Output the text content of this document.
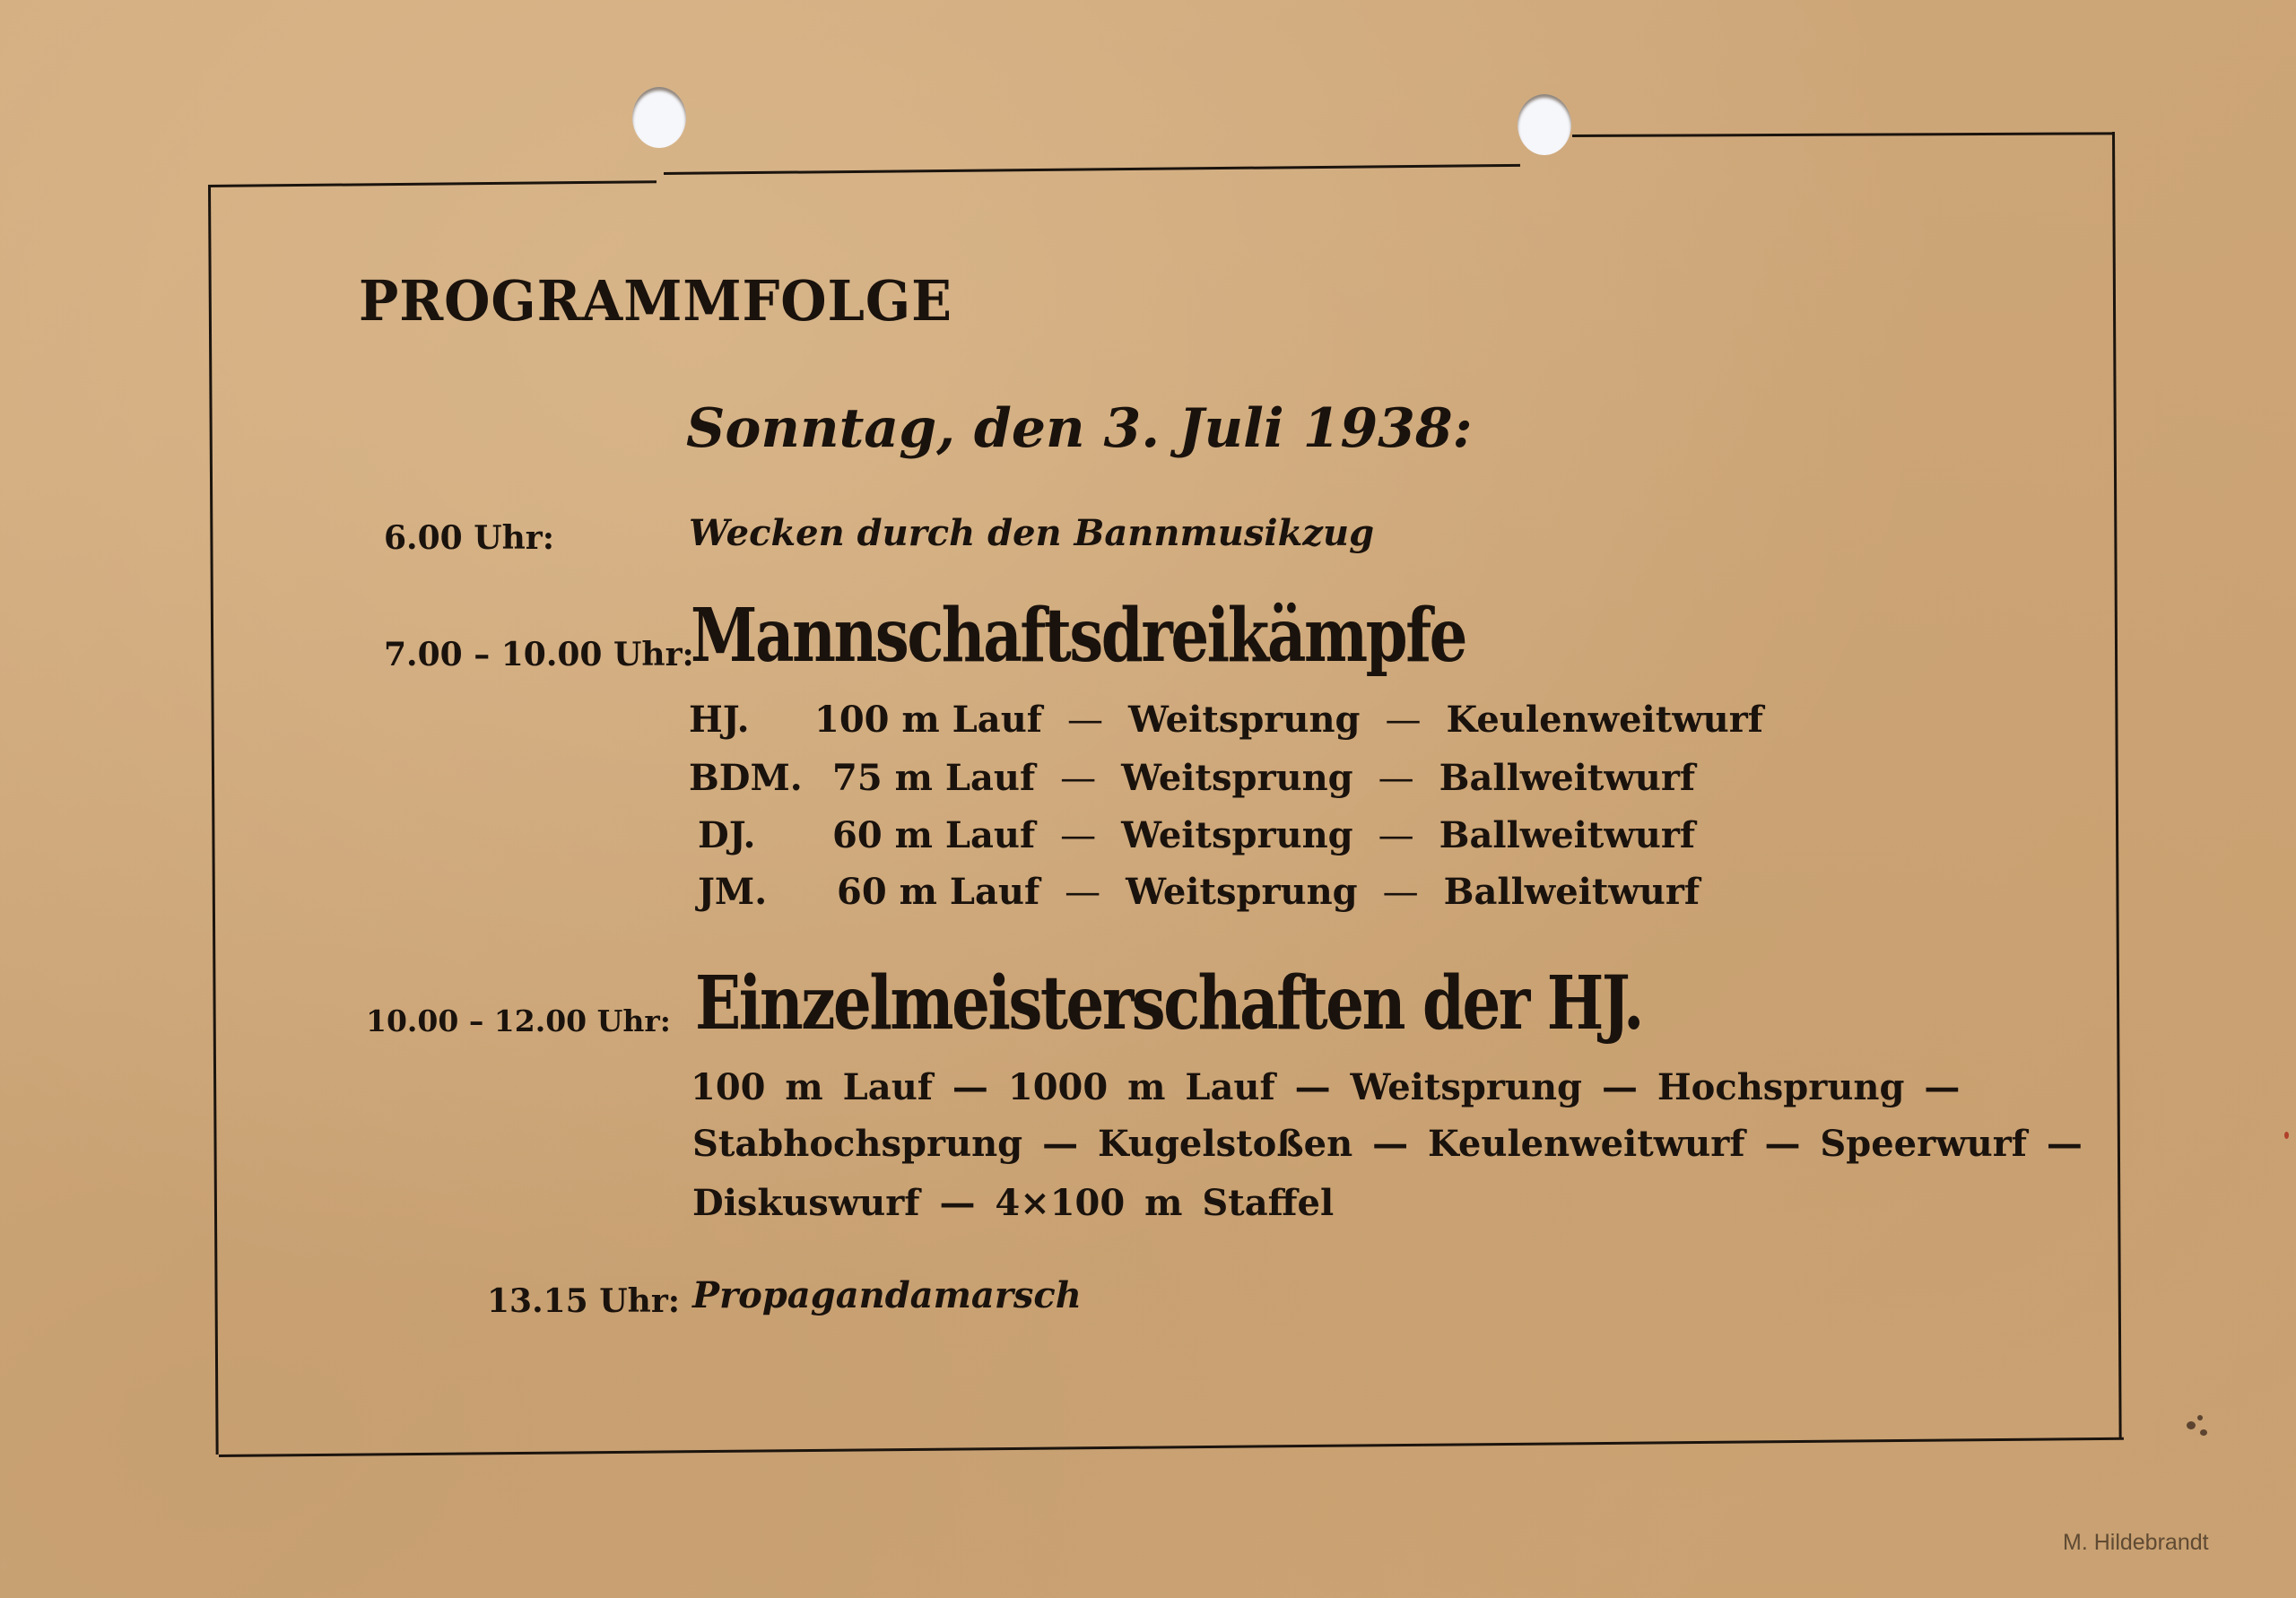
PROGRAMMFOLGE
Sonntag, den 3. Juli 1938:
6.00 Uhr:	Wecken durch den Bannmusikzug
7.00 – 10.00 Uhr:
Mannschaftsdreikämpfe
HJ. 100 m Lauf — Weitsprung — Keulenweitwurf
BDM. 75 m Lauf — Weitsprung — Ballweitwurf
DJ. 60 m Lauf — Weitsprung — Ballweitwurf
JM. 60 m Lauf — Weitsprung — Ballweitwurf
10.00 – 12.00 Uhr: Einzelmeisterschaften der HJ.
100 m Lauf — 1000 m Lauf — Weitsprung — Hochsprung —
Stabhochsprung — Kugelstoßen — Keulenweitwurf — Speerwurf —
Diskuswurf — 4×100 m Staffel
13.15 Uhr: Propagandamarsch
M. Hildebrandt
